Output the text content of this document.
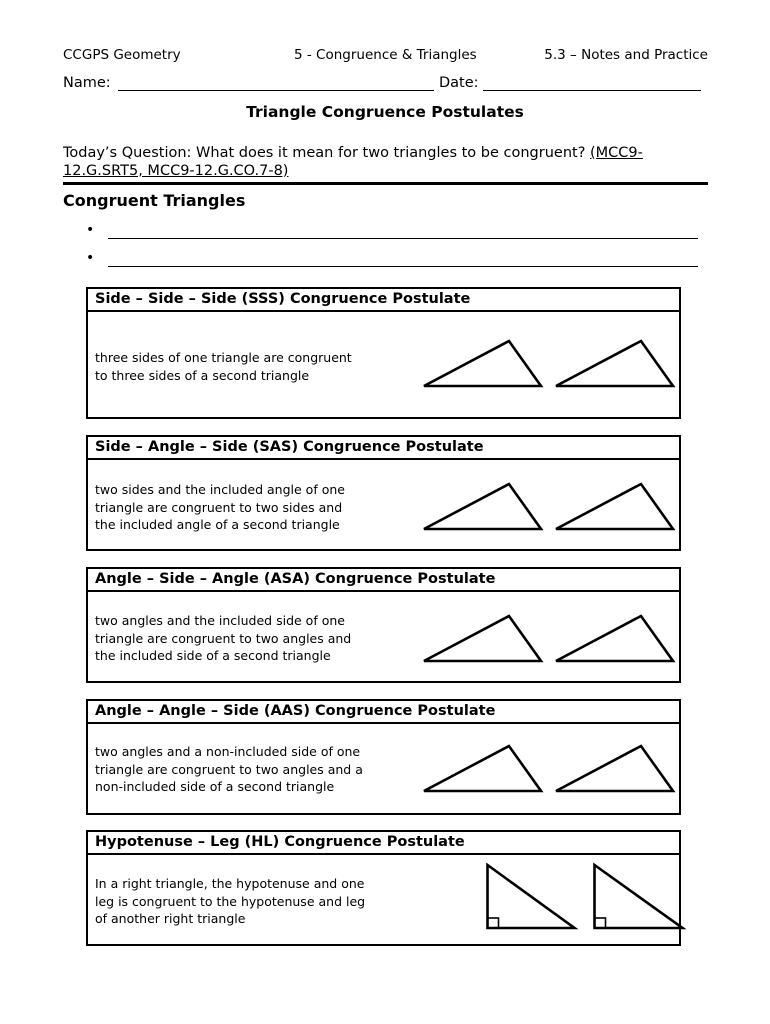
CCGPS Geometry	5 - Congruence & Triangles	5.3 – Notes and Practice
Name:	Date:
Triangle Congruence Postulates
Today’s Question: What does it mean for two triangles to be congruent? (MCC9-
12.G.SRT5, MCC9-12.G.CO.7-8)
Congruent Triangles
•
•
Side – Side – Side (SSS) Congruence Postulate
three sides of one triangle are congruent
to three sides of a second triangle
Side – Angle – Side (SAS) Congruence Postulate
two sides and the included angle of one
triangle are congruent to two sides and
the included angle of a second triangle
Angle – Side – Angle (ASA) Congruence Postulate
two angles and the included side of one
triangle are congruent to two angles and
the included side of a second triangle
Angle – Angle – Side (AAS) Congruence Postulate
two angles and a non-included side of one
triangle are congruent to two angles and a
non-included side of a second triangle
Hypotenuse – Leg (HL) Congruence Postulate
In a right triangle, the hypotenuse and one
leg is congruent to the hypotenuse and leg
of another right triangle
